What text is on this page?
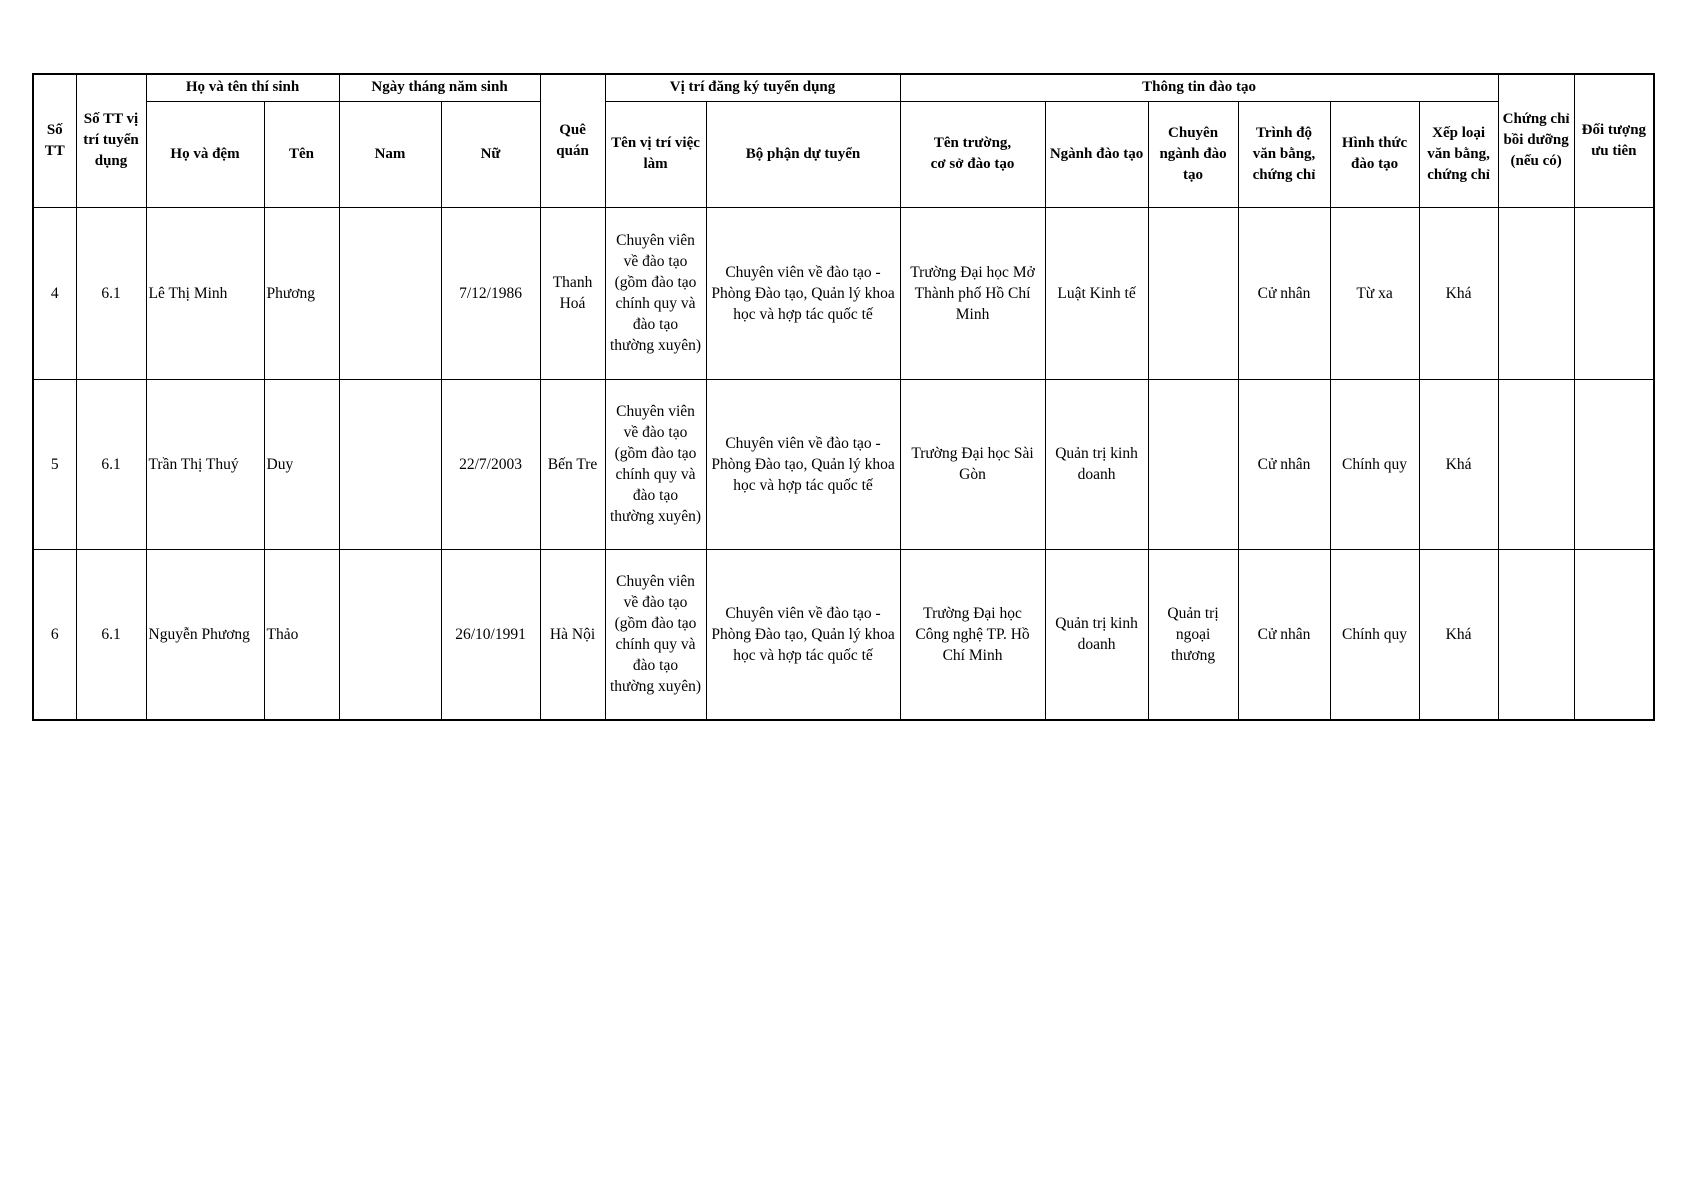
Số TT	Số TT vị trí tuyển dụng	Họ và tên thí sinh		Ngày tháng năm sinh		Quê quán	Vị trí đăng ký tuyển dụng		Thông tin đào tạo						Chứng chỉ bồi dưỡng (nếu có)	Đối tượng ưu tiên
		Họ và đệm	Tên	Nam	Nữ		Tên vị trí việc làm	Bộ phận dự tuyển	Tên trường,
cơ sở đào tạo	Ngành đào tạo	Chuyên ngành đào tạo	Trình độ văn bằng, chứng chỉ	Hình thức đào tạo	Xếp loại văn bằng, chứng chỉ		
4	6.1	Lê Thị Minh	Phương		7/12/1986	Thanh Hoá	Chuyên viên về đào tạo (gồm đào tạo chính quy và đào tạo thường xuyên)	Chuyên viên về đào tạo - Phòng Đào tạo, Quản lý khoa học và hợp tác quốc tế	Trường Đại học Mở Thành phố Hồ Chí Minh	Luật Kinh tế		Cử nhân	Từ xa	Khá		
5	6.1	Trần Thị Thuý	Duy		22/7/2003	Bến Tre	Chuyên viên về đào tạo (gồm đào tạo chính quy và đào tạo thường xuyên)	Chuyên viên về đào tạo - Phòng Đào tạo, Quản lý khoa học và hợp tác quốc tế	Trường Đại học Sài Gòn	Quản trị kinh doanh		Cử nhân	Chính quy	Khá		
6	6.1	Nguyễn Phương	Thảo		26/10/1991	Hà Nội	Chuyên viên về đào tạo (gồm đào tạo chính quy và đào tạo thường xuyên)	Chuyên viên về đào tạo - Phòng Đào tạo, Quản lý khoa học và hợp tác quốc tế	Trường Đại học Công nghệ TP. Hồ Chí Minh	Quản trị kinh doanh	Quản trị ngoại thương	Cử nhân	Chính quy	Khá		
